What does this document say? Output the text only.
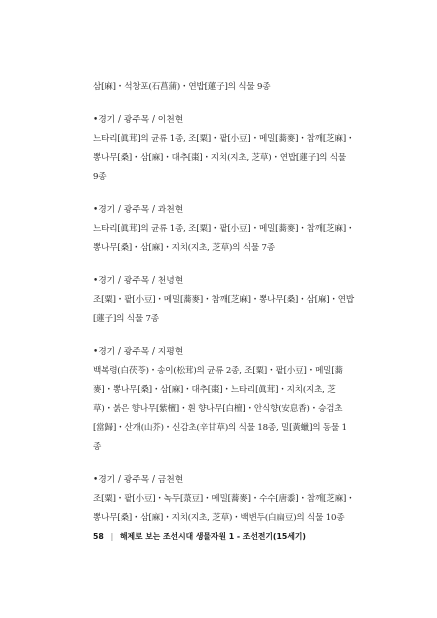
삼[麻]・석창포(石菖蒲)・연밥[蓮子]의 식물 9종
•경기 / 광주목 / 이천현
느타리[眞茸]의 균류 1종, 조[粟]・팥[小豆]・메밀[蕎麥]・참깨[芝麻]・
뽕나무[桑]・삼[麻]・대추[棗]・지치(지초, 芝草)・연밥[蓮子]의 식물
9종
•경기 / 광주목 / 과천현
느타리[眞茸]의 균류 1종, 조[粟]・팥[小豆]・메밀[蕎麥]・참깨[芝麻]・
뽕나무[桑]・삼[麻]・지치(지초, 芝草)의 식물 7종
•경기 / 광주목 / 천녕현
조[粟]・팥[小豆]・메밀[蕎麥]・참깨[芝麻]・뽕나무[桑]・삼[麻]・연밥
[蓮子]의 식물 7종
•경기 / 광주목 / 지평현
백복령(白茯苓)・송이(松茸)의 균류 2종, 조[粟]・팥[小豆]・메밀[蕎
麥]・뽕나무[桑]・삼[麻]・대추[棗]・느타리[眞茸]・지치(지초, 芝
草)・붉은 향나무[紫檀]・흰 향나무[白檀]・안식향(安息香)・승검초
[當歸]・산개(山芥)・신감초(辛甘草)의 식물 18종, 밀[黃蠟]의 동물 1
종
•경기 / 광주목 / 금천현
조[粟]・팥[小豆]・녹두[菉豆]・메밀[蕎麥]・수수[唐黍]・참깨[芝麻]・
뽕나무[桑]・삼[麻]・지치(지초, 芝草)・백변두(白扁豆)의 식물 10종
58 | 해제로 보는 조선시대 생물자원 1 - 조선전기(15세기)
